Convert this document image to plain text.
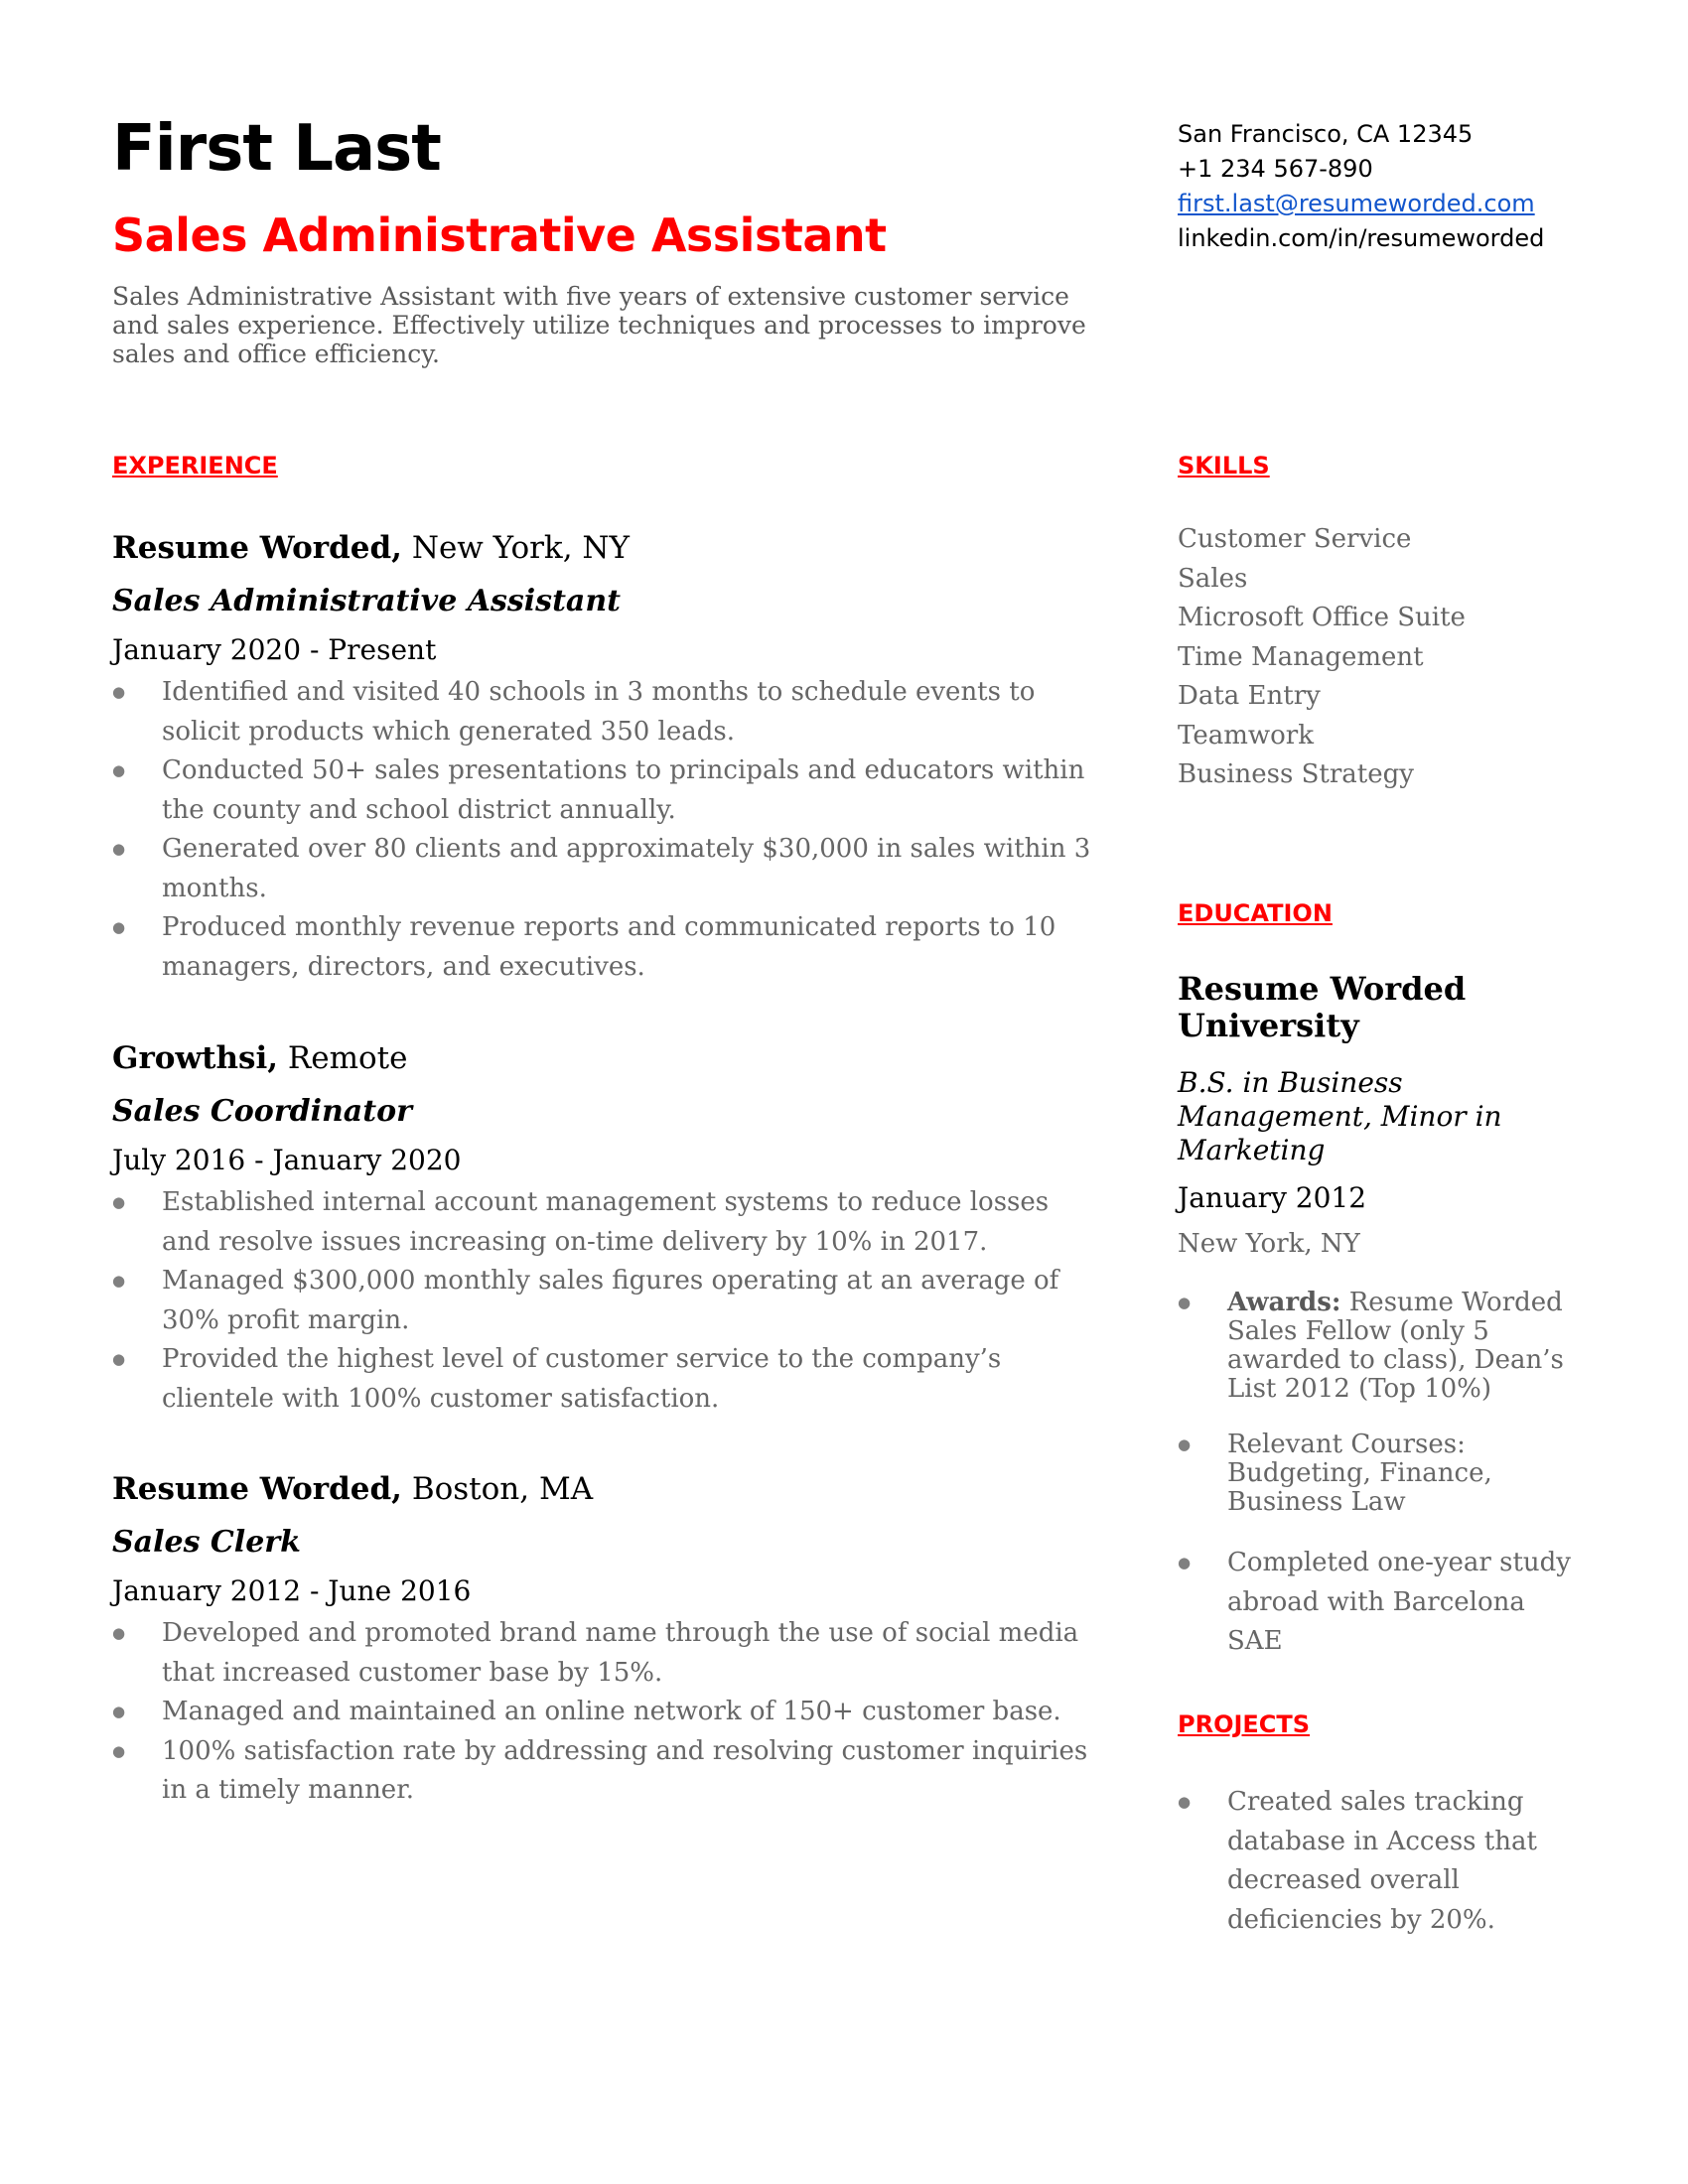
First Last
Sales Administrative Assistant

Sales Administrative Assistant with five years of extensive customer service and sales experience. Effectively utilize techniques and processes to improve sales and office efficiency.

San Francisco, CA 12345
+1 234 567-890
first.last@resumeworded.com
linkedin.com/in/resumeworded
EXPERIENCE

Resume Worded, New York, NY

Sales Administrative Assistant

January 2020 - Present

● Identified and visited 40 schools in 3 months to schedule events to solicit products which generated 350 leads.
● Conducted 50+ sales presentations to principals and educators within the county and school district annually.
● Generated over 80 clients and approximately $30,000 in sales within 3 months.
● Produced monthly revenue reports and communicated reports to 10 managers, directors, and executives.

Growthsi, Remote

Sales Coordinator

July 2016 - January 2020

● Established internal account management systems to reduce losses and resolve issues increasing on-time delivery by 10% in 2017.
● Managed $300,000 monthly sales figures operating at an average of 30% profit margin.
● Provided the highest level of customer service to the company’s clientele with 100% customer satisfaction.

Resume Worded, Boston, MA

Sales Clerk

January 2012 - June 2016

● Developed and promoted brand name through the use of social media that increased customer base by 15%.
● Managed and maintained an online network of 150+ customer base.
● 100% satisfaction rate by addressing and resolving customer inquiries in a timely manner.
SKILLS
Customer Service
Sales
Microsoft Office Suite
Time Management
Data Entry
Teamwork
Business Strategy
EDUCATION

Resume Worded University

B.S. in Business Management, Minor in Marketing

January 2012

New York, NY

● Awards: Resume Worded Sales Fellow (only 5 awarded to class), Dean’s List 2012 (Top 10%)
● Relevant Courses: Budgeting, Finance, Business Law
● Completed one-year study abroad with Barcelona SAE
PROJECTS
● Created sales tracking database in Access that decreased overall deficiencies by 20%.
